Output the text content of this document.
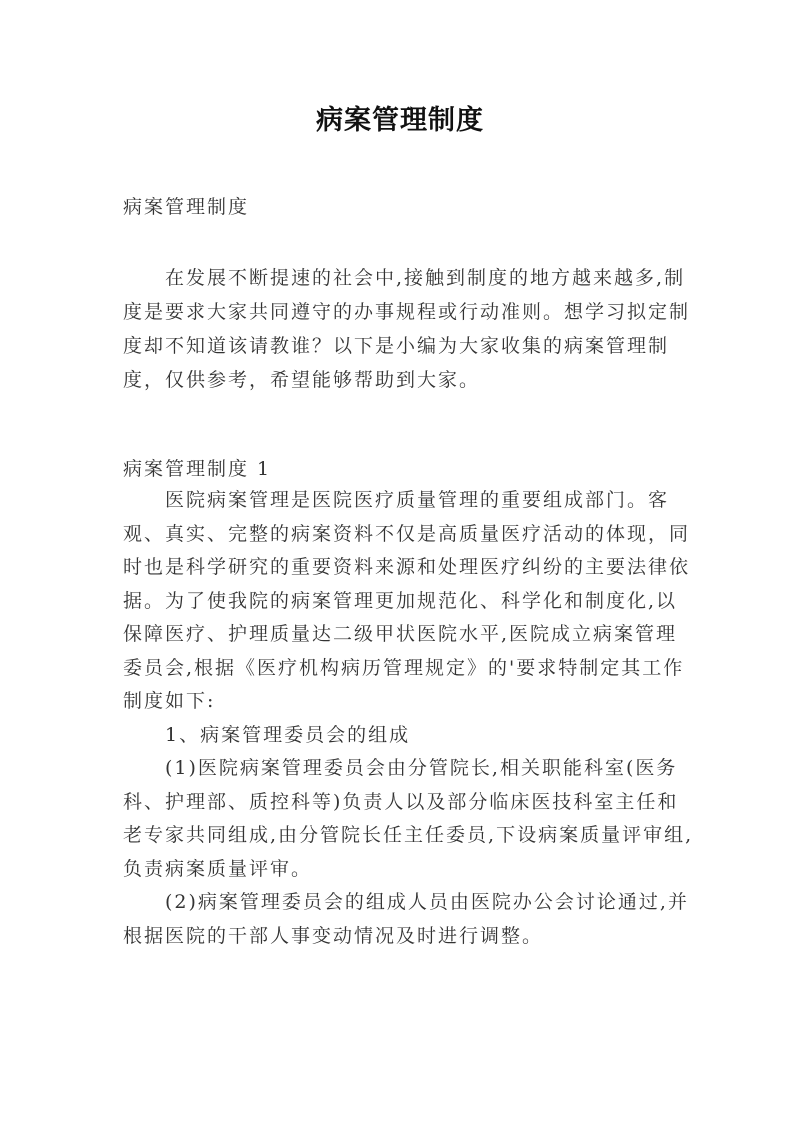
病案管理制度
病案管理制度

在发展不断提速的社会中,接触到制度的地方越来越多,制度是要求大家共同遵守的办事规程或行动准则。想学习拟定制度却不知道该请教谁？以下是小编为大家收集的病案管理制度，仅供参考，希望能够帮助到大家。

病案管理制度 1

医院病案管理是医院医疗质量管理的重要组成部门。客观、真实、完整的病案资料不仅是高质量医疗活动的体现，同时也是科学研究的重要资料来源和处理医疗纠纷的主要法律依据。为了使我院的病案管理更加规范化、科学化和制度化,以保障医疗、护理质量达二级甲状医院水平,医院成立病案管理委员会,根据《医疗机构病历管理规定》的'要求特制定其工作制度如下:

1、病案管理委员会的组成

(1)医院病案管理委员会由分管院长,相关职能科室(医务科、护理部、质控科等)负责人以及部分临床医技科室主任和老专家共同组成,由分管院长任主任委员,下设病案质量评审组,负责病案质量评审。

(2)病案管理委员会的组成人员由医院办公会讨论通过,并根据医院的干部人事变动情况及时进行调整。
